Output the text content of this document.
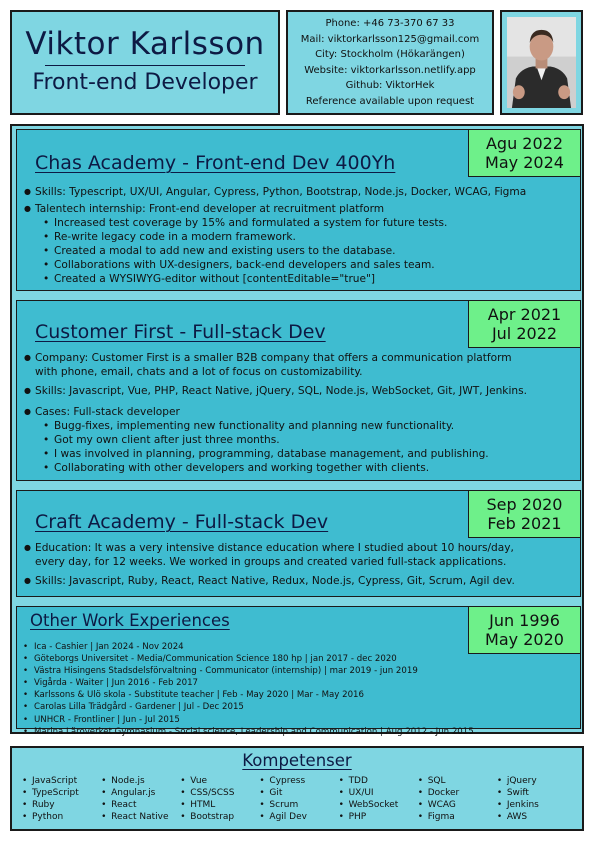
Viktor Karlsson
Front-end Developer
Phone: +46 73-370 67 33
Mail: viktorkarlsson125@gmail.com
City: Stockholm (Hökarängen)
Website: viktorkarlsson.netlify.app
Github: ViktorHek
Reference available upon request
Agu 2022
May 2024
Chas Academy - Front-end Dev 400Yh
● Skills: Typescript, UX/UI, Angular, Cypress, Python, Bootstrap, Node.js, Docker, WCAG, Figma
● Talentech internship: Front-end developer at recruitment platform
• Increased test coverage by 15% and formulated a system for future tests.
• Re-write legacy code in a modern framework.
• Created a modal to add new and existing users to the database.
• Collaborations with UX-designers, back-end developers and sales team.
• Created a WYSIWYG-editor without [contentEditable="true"]
Apr 2021
Jul 2022
Customer First - Full-stack Dev
● Company: Customer First is a smaller B2B company that offers a communication platform with phone, email, chats and a lot of focus on customizability.
● Skills: Javascript, Vue, PHP, React Native, jQuery, SQL, Node.js, WebSocket, Git, JWT, Jenkins.
● Cases: Full-stack developer
• Bugg-fixes, implementing new functionality and planning new functionality.
• Got my own client after just three months.
• I was involved in planning, programming, database management, and publishing.
• Collaborating with other developers and working together with clients.
Sep 2020
Feb 2021
Craft Academy - Full-stack Dev
● Education: It was a very intensive distance education where I studied about 10 hours/day, every day, for 12 weeks. We worked in groups and created varied full-stack applications.
● Skills: Javascript, Ruby, React, React Native, Redux, Node.js, Cypress, Git, Scrum, Agil dev.
Jun 1996
May 2020
Other Work Experiences
• Ica - Cashier | Jan 2024 - Nov 2024
• Göteborgs Universitet - Media/Communication Science 180 hp | jan 2017 - dec 2020
• Västra Hisingens Stadsdelsförvaltning - Communicator (internship) | mar 2019 - jun 2019
• Vigårda - Waiter | Jun 2016 - Feb 2017
• Karlssons & Ulö skola - Substitute teacher | Feb - May 2020 | Mar - May 2016
• Carolas Lilla Trädgård - Gardener | Jul - Dec 2015
• UNHCR - Frontliner | Jun - Jul 2015
• Marina Läroverket Gymnasium - Social science, Leadership and Communication | Aug 2012 - Jun 2015
Kompetenser
• JavaScript
• TypeScript
• Ruby
• Python
• Node.js
• Angular.js
• React
• React Native
• Vue
• CSS/SCSS
• HTML
• Bootstrap
• Cypress
• Git
• Scrum
• Agil Dev
• TDD
• UX/UI
• WebSocket
• PHP
• SQL
• Docker
• WCAG
• Figma
• jQuery
• Swift
• Jenkins
• AWS
